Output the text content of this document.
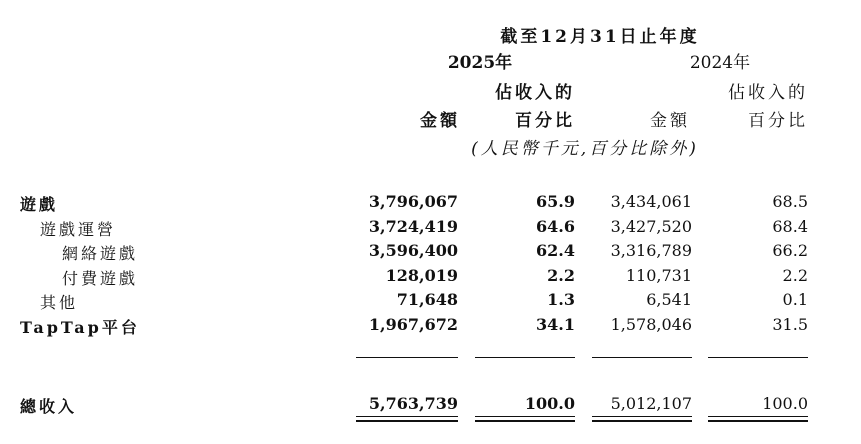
截至12月31日止年度
2025年	2024年
佔收入的	佔收入的
金額	百分比	金額	百分比
(人民幣千元,百分比除外)
遊戲	3,796,067	65.9	3,434,061	68.5
遊戲運營	3,724,419	64.6	3,427,520	68.4
網絡遊戲	3,596,400	62.4	3,316,789	66.2
付費遊戲	128,019	2.2	110,731	2.2
其他	71,648	1.3	6,541	0.1
TapTap平台	1,967,672	34.1	1,578,046	31.5
總收入	5,763,739	100.0	5,012,107	100.0
